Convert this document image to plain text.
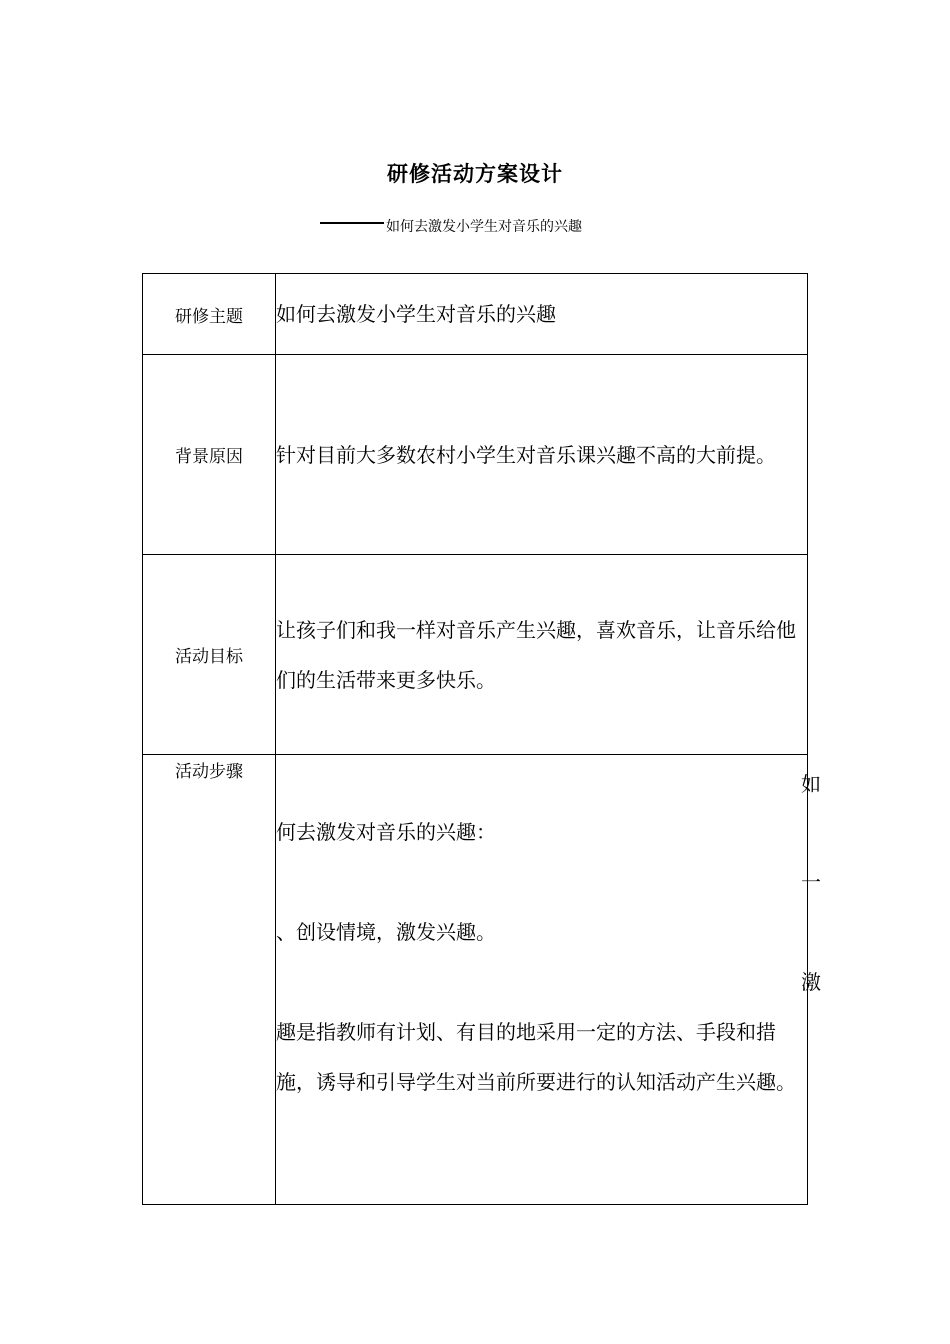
研修活动方案设计
如何去激发小学生对音乐的兴趣
研修主题	如何去激发小学生对音乐的兴趣
背景原因	针对目前大多数农村小学生对音乐课兴趣不高的大前提。
活动目标	让孩子们和我一样对音乐产生兴趣，喜欢音乐，让音乐给他们的生活带来更多快乐。
活动步骤	何去激发对音乐的兴趣：

、创设情境，激发兴趣。

趣是指教师有计划、有目的地采用一定的方法、手段和措施，诱导和引导学生对当前所要进行的认知活动产生兴趣。

如
一
激
